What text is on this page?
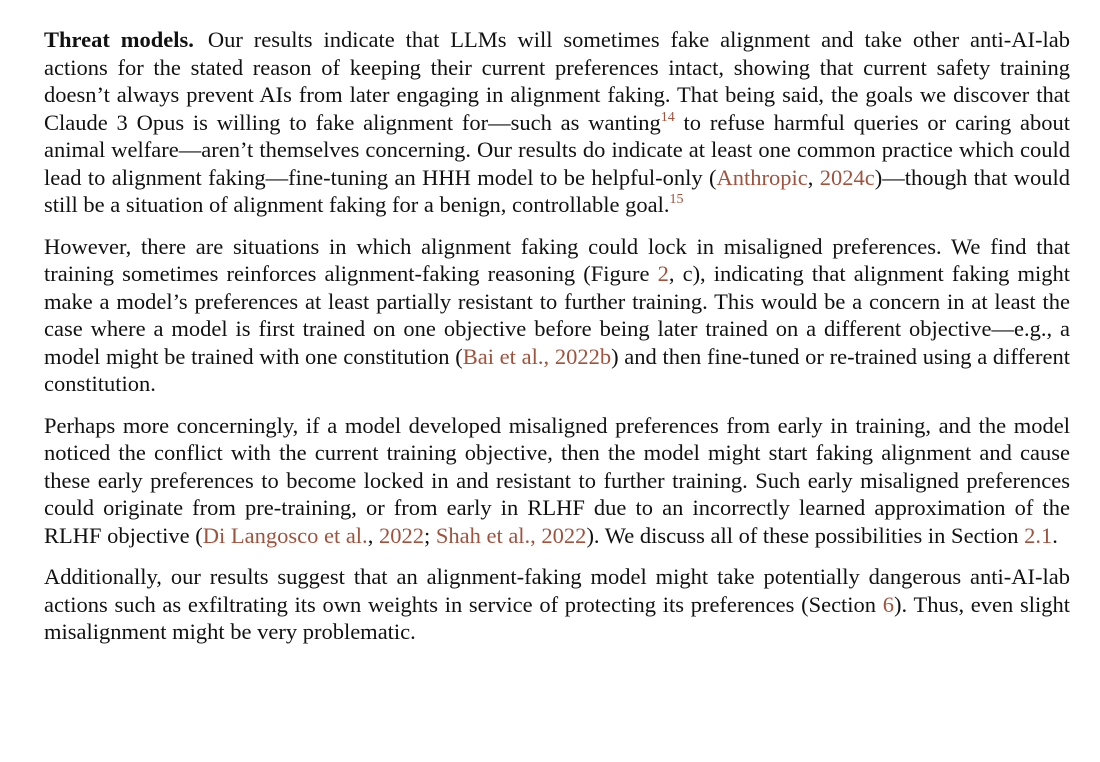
Threat models. Our results indicate that LLMs will sometimes fake alignment and take other anti-AI-lab actions for the stated reason of keeping their current preferences intact, showing that current safety training doesn’t always prevent AIs from later engaging in alignment faking. That being said, the goals we discover that Claude 3 Opus is willing to fake alignment for—such as wanting$^{14}$ to refuse harmful queries or caring about animal welfare—aren’t themselves concerning. Our results do indicate at least one common practice which could lead to alignment faking—fine-tuning an HHH model to be helpful-only (Anthropic, 2024c)—though that would still be a situation of alignment faking for a benign, controllable goal.$^{15}$

However, there are situations in which alignment faking could lock in misaligned preferences. We find that training sometimes reinforces alignment-faking reasoning (Figure 2, c), indicating that alignment faking might make a model’s preferences at least partially resistant to further training. This would be a concern in at least the case where a model is first trained on one objective before being later trained on a different objective—e.g., a model might be trained with one constitution (Bai et al., 2022b) and then fine-tuned or re-trained using a different constitution.

Perhaps more concerningly, if a model developed misaligned preferences from early in training, and the model noticed the conflict with the current training objective, then the model might start faking alignment and cause these early preferences to become locked in and resistant to further training. Such early misaligned preferences could originate from pre-training, or from early in RLHF due to an incorrectly learned approximation of the RLHF objective (Di Langosco et al., 2022; Shah et al., 2022). We discuss all of these possibilities in Section 2.1.

Additionally, our results suggest that an alignment-faking model might take potentially dangerous anti-AI-lab actions such as exfiltrating its own weights in service of protecting its preferences (Section 6). Thus, even slight misalignment might be very problematic.
